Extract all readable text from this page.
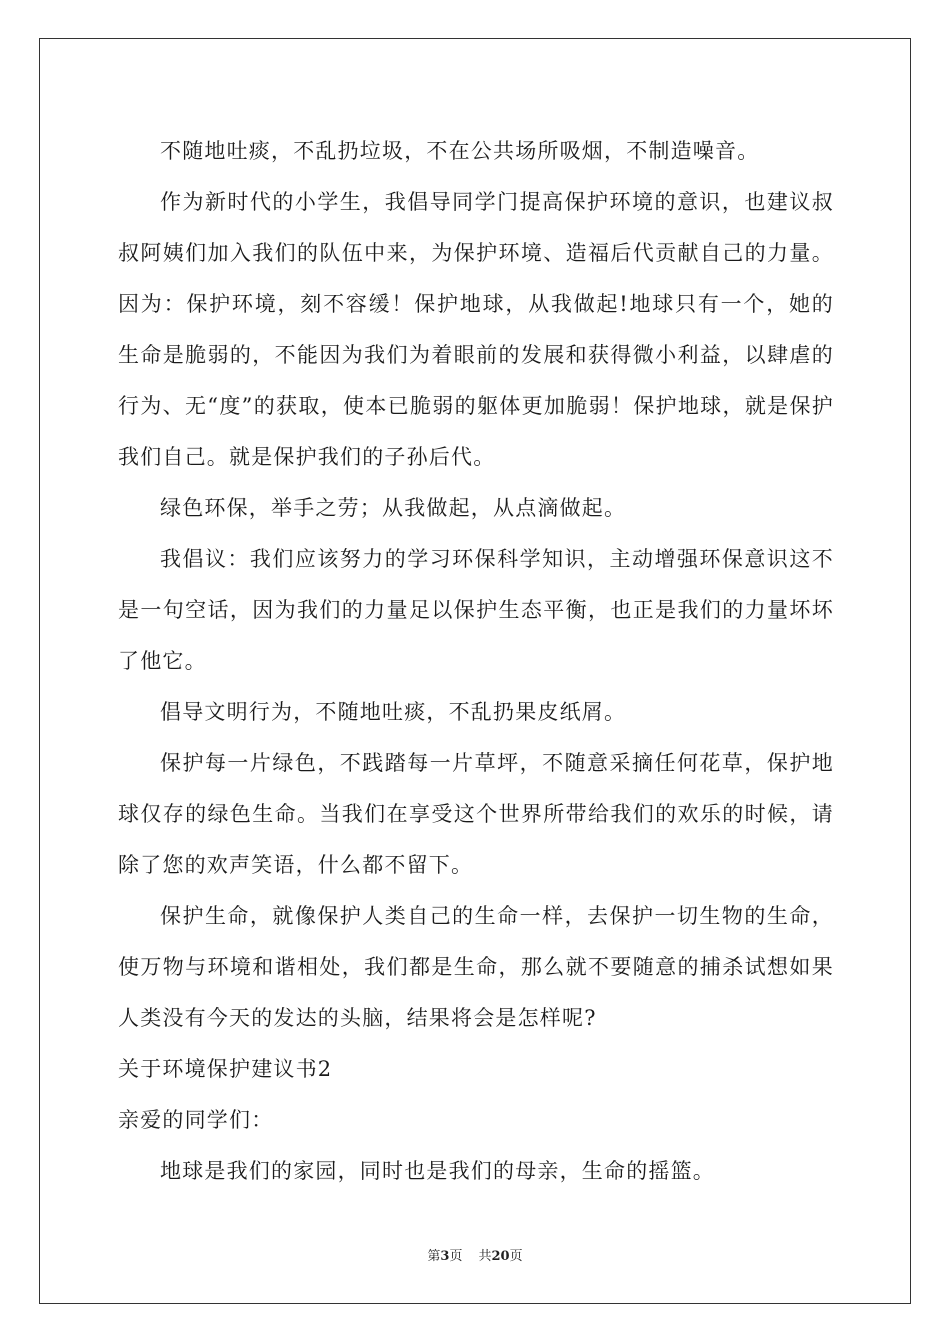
不随地吐痰，不乱扔垃圾，不在公共场所吸烟，不制造噪音。

作为新时代的小学生，我倡导同学门提高保护环境的意识，也建议叔叔阿姨们加入我们的队伍中来，为保护环境、造福后代贡献自己的力量。因为：保护环境，刻不容缓！保护地球，从我做起!地球只有一个，她的生命是脆弱的，不能因为我们为着眼前的发展和获得微小利益，以肆虐的行为、无“度”的获取，使本已脆弱的躯体更加脆弱！保护地球，就是保护我们自己。就是保护我们的子孙后代。

绿色环保，举手之劳；从我做起，从点滴做起。

我倡议：我们应该努力的学习环保科学知识，主动增强环保意识这不是一句空话，因为我们的力量足以保护生态平衡，也正是我们的力量坏坏了他它。

倡导文明行为，不随地吐痰，不乱扔果皮纸屑。

保护每一片绿色，不践踏每一片草坪，不随意采摘任何花草，保护地球仅存的绿色生命。当我们在享受这个世界所带给我们的欢乐的时候，请除了您的欢声笑语，什么都不留下。

保护生命，就像保护人类自己的生命一样，去保护一切生物的生命，使万物与环境和谐相处，我们都是生命，那么就不要随意的捕杀试想如果人类没有今天的发达的头脑，结果将会是怎样呢?

关于环境保护建议书2

亲爱的同学们：

地球是我们的家园，同时也是我们的母亲，生命的摇篮。

第3页 共20页
